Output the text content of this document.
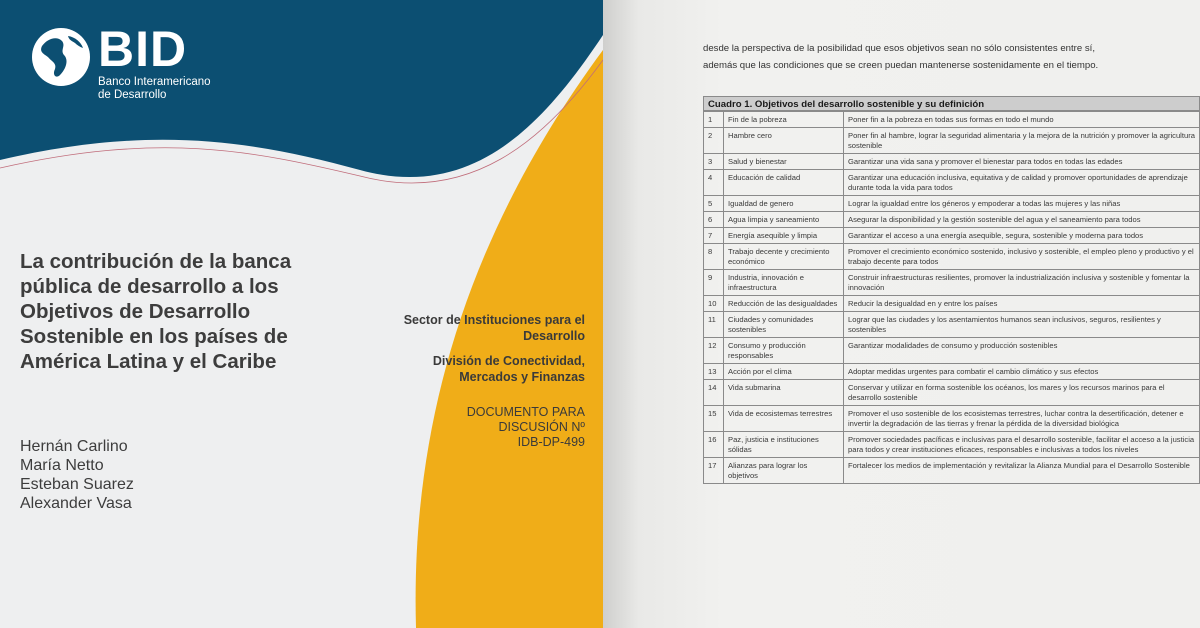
BID
Banco Interamericano
de Desarrollo
La contribución de la banca pública de desarrollo a los Objetivos de Desarrollo Sostenible en los países de América Latina y el Caribe
Hernán Carlino
María Netto
Esteban Suarez
Alexander Vasa
Sector de Instituciones para el Desarrollo
División de Conectividad, Mercados y Finanzas
DOCUMENTO PARA
DISCUSIÓN Nº
IDB-DP-499
desde la perspectiva de la posibilidad que esos objetivos sean no sólo consistentes entre sí,
además que las condiciones que se creen puedan mantenerse sostenidamente en el tiempo.
Cuadro 1. Objetivos del desarrollo sostenible y su definición
1	Fin de la pobreza	Poner fin a la pobreza en todas sus formas en todo el mundo
2	Hambre cero	Poner fin al hambre, lograr la seguridad alimentaria y la mejora de la nutrición y promover la agricultura sostenible
3	Salud y bienestar	Garantizar una vida sana y promover el bienestar para todos en todas las edades
4	Educación de calidad	Garantizar una educación inclusiva, equitativa y de calidad y promover oportunidades de aprendizaje durante toda la vida para todos
5	Igualdad de genero	Lograr la igualdad entre los géneros y empoderar a todas las mujeres y las niñas
6	Agua limpia y saneamiento	Asegurar la disponibilidad y la gestión sostenible del agua y el saneamiento para todos
7	Energía asequible y limpia	Garantizar el acceso a una energía asequible, segura, sostenible y moderna para todos
8	Trabajo decente y crecimiento económico	Promover el crecimiento económico sostenido, inclusivo y sostenible, el empleo pleno y productivo y el trabajo decente para todos
9	Industria, innovación e infraestructura	Construir infraestructuras resilientes, promover la industrialización inclusiva y sostenible y fomentar la innovación
10	Reducción de las desigualdades	Reducir la desigualdad en y entre los países
11	Ciudades y comunidades sostenibles	Lograr que las ciudades y los asentamientos humanos sean inclusivos, seguros, resilientes y sostenibles
12	Consumo y producción responsables	Garantizar modalidades de consumo y producción sostenibles
13	Acción por el clima	Adoptar medidas urgentes para combatir el cambio climático y sus efectos
14	Vida submarina	Conservar y utilizar en forma sostenible los océanos, los mares y los recursos marinos para el desarrollo sostenible
15	Vida de ecosistemas terrestres	Promover el uso sostenible de los ecosistemas terrestres, luchar contra la desertificación, detener e invertir la degradación de las tierras y frenar la pérdida de la diversidad biológica
16	Paz, justicia e instituciones sólidas	Promover sociedades pacíficas e inclusivas para el desarrollo sostenible, facilitar el acceso a la justicia para todos y crear instituciones eficaces, responsables e inclusivas a todos los niveles
17	Alianzas para lograr los objetivos	Fortalecer los medios de implementación y revitalizar la Alianza Mundial para el Desarrollo Sostenible
